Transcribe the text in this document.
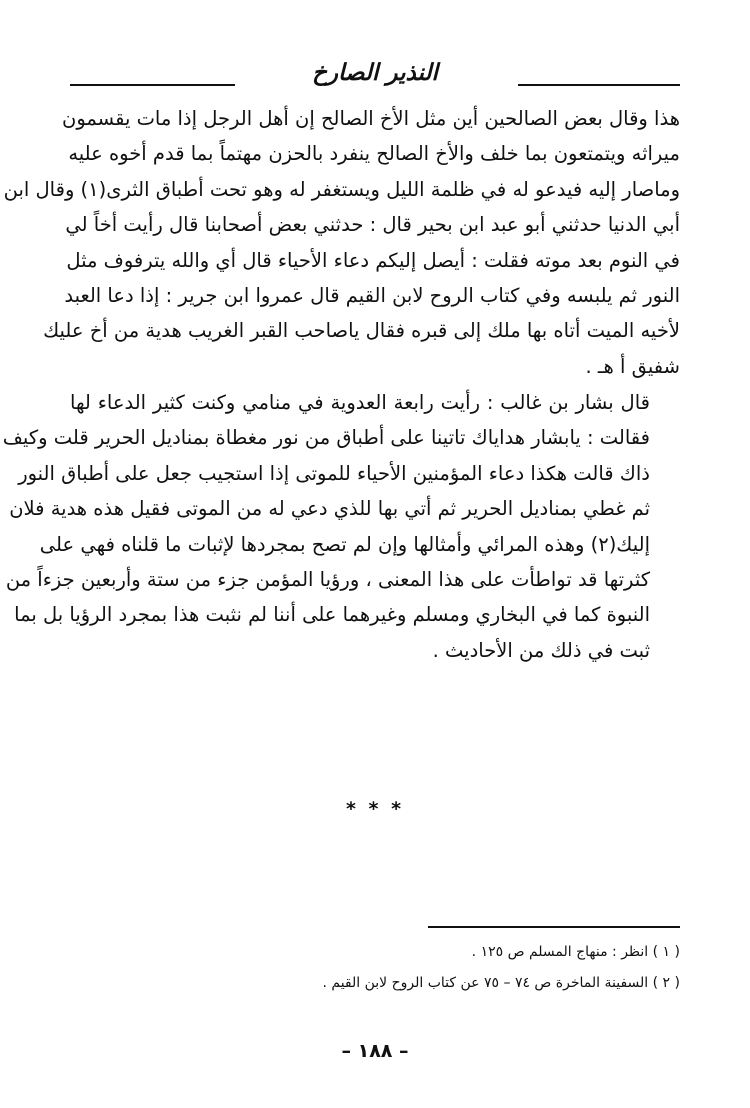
النذير الصارخ
هذا وقال بعض الصالحين أين مثل الأخ الصالح إن أهل الرجل إذا مات يقسمون
ميراثه ويتمتعون بما خلف والأخ الصالح ينفرد بالحزن مهتماً بما قدم أخوه عليه
وماصار إليه فيدعو له في ظلمة الليل ويستغفر له وهو تحت أطباق الثرى(١) وقال ابن
أبي الدنيا حدثني أبو عبد ابن بحير قال : حدثني بعض أصحابنا قال رأيت أخاً لي
في النوم بعد موته فقلت : أيصل إليكم دعاء الأحياء قال أي والله يترفوف مثل
النور ثم يلبسه وفي كتاب الروح لابن القيم قال عمروا ابن جرير : إذا دعا العبد
لأخيه الميت أتاه بها ملك إلى قبره فقال ياصاحب القبر الغريب هدية من أخ عليك
شفيق أ هـ .
قال بشار بن غالب : رأيت رابعة العدوية في منامي وكنت كثير الدعاء لها
فقالت : يابشار هداياك تاتينا على أطباق من نور مغطاة بمناديل الحرير قلت وكيف
ذاك قالت هكذا دعاء المؤمنين الأحياء للموتى إذا استجيب جعل على أطباق النور
ثم غطي بمناديل الحرير ثم أتي بها للذي دعي له من الموتى فقيل هذه هدية فلان
إليك(٢) وهذه المرائي وأمثالها وإن لم تصح بمجردها لإثبات ما قلناه فهي على
كثرتها قد تواطأت على هذا المعنى ، ورؤيا المؤمن جزء من ستة وأربعين جزءاً من
النبوة كما في البخاري ومسلم وغيرهما على أننا لم نثبت هذا بمجرد الرؤيا بل بما
ثبت في ذلك من الأحاديث .
* * *
( ١ ) انظر : منهاج المسلم ص ١٢٥ .
( ٢ ) السفينة الماخرة ص ٧٤ – ٧٥ عن كتاب الروح لابن القيم .
– ١٨٨ –
